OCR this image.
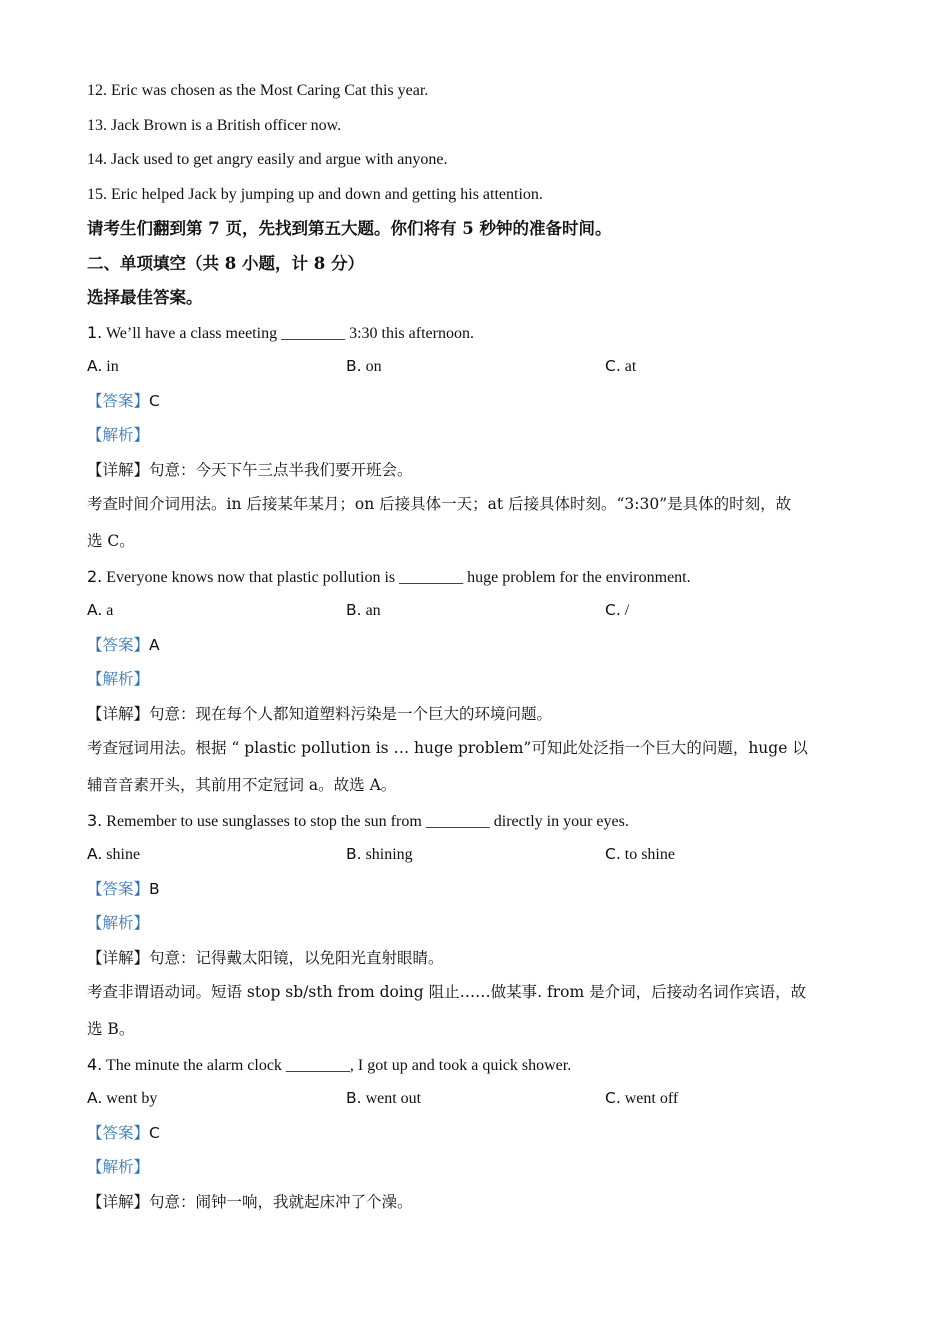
12. Eric was chosen as the Most Caring Cat this year.
13. Jack Brown is a British officer now.
14. Jack used to get angry easily and argue with anyone.
15. Eric helped Jack by jumping up and down and getting his attention.
请考生们翻到第 7 页，先找到第五大题。你们将有 5 秒钟的准备时间。
二、单项填空（共 8 小题，计 8 分）
选择最佳答案。
1. We’ll have a class meeting ________ 3:30 this afternoon.
A. in	B. on	C. at
【答案】C
【解析】
【详解】句意：今天下午三点半我们要开班会。
考查时间介词用法。in 后接某年某月；on 后接具体一天；at 后接具体时刻。“3:30”是具体的时刻，故
选 C。
2. Everyone knows now that plastic pollution is ________ huge problem for the environment.
A. a	B. an	C. /
【答案】A
【解析】
【详解】句意：现在每个人都知道塑料污染是一个巨大的环境问题。
考查冠词用法。根据 “ plastic pollution is … huge problem”可知此处泛指一个巨大的问题，huge 以
辅音音素开头，其前用不定冠词 a。故选 A。
3. Remember to use sunglasses to stop the sun from ________ directly in your eyes.
A. shine	B. shining	C. to shine
【答案】B
【解析】
【详解】句意：记得戴太阳镜，以免阳光直射眼睛。
考查非谓语动词。短语 stop sb/sth from doing 阻止……做某事. from 是介词，后接动名词作宾语，故
选 B。
4. The minute the alarm clock ________, I got up and took a quick shower.
A. went by	B. went out	C. went off
【答案】C
【解析】
【详解】句意：闹钟一响，我就起床冲了个澡。
